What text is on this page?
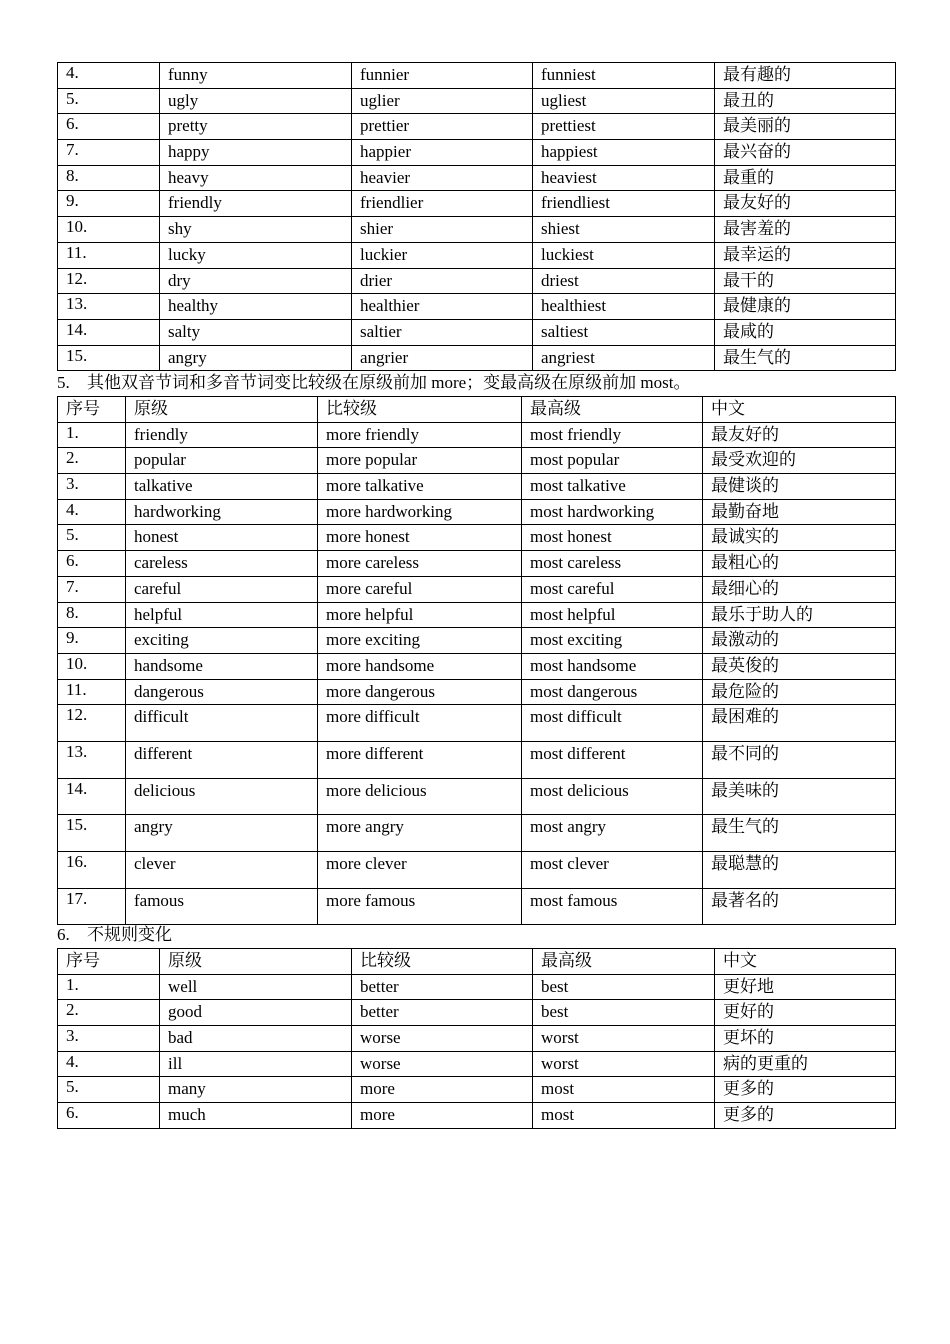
4.	funny	funnier	funniest	最有趣的
5.	ugly	uglier	ugliest	最丑的
6.	pretty	prettier	prettiest	最美丽的
7.	happy	happier	happiest	最兴奋的
8.	heavy	heavier	heaviest	最重的
9.	friendly	friendlier	friendliest	最友好的
10.	shy	shier	shiest	最害羞的
11.	lucky	luckier	luckiest	最幸运的
12.	dry	drier	driest	最干的
13.	healthy	healthier	healthiest	最健康的
14.	salty	saltier	saltiest	最咸的
15.	angry	angrier	angriest	最生气的
5. 其他双音节词和多音节词变比较级在原级前加 more；变最高级在原级前加 most。
序号	原级	比较级	最高级	中文
1.	friendly	more friendly	most friendly	最友好的
2.	popular	more popular	most popular	最受欢迎的
3.	talkative	more talkative	most talkative	最健谈的
4.	hardworking	more hardworking	most hardworking	最勤奋地
5.	honest	more honest	most honest	最诚实的
6.	careless	more careless	most careless	最粗心的
7.	careful	more careful	most careful	最细心的
8.	helpful	more helpful	most helpful	最乐于助人的
9.	exciting	more exciting	most exciting	最激动的
10.	handsome	more handsome	most handsome	最英俊的
11.	dangerous	more dangerous	most dangerous	最危险的
12.	difficult	more difficult	most difficult	最困难的
13.	different	more different	most different	最不同的
14.	delicious	more delicious	most delicious	最美味的
15.	angry	more angry	most angry	最生气的
16.	clever	more clever	most clever	最聪慧的
17.	famous	more famous	most famous	最著名的
6. 不规则变化
序号	原级	比较级	最高级	中文
1.	well	better	best	更好地
2.	good	better	best	更好的
3.	bad	worse	worst	更坏的
4.	ill	worse	worst	病的更重的
5.	many	more	most	更多的
6.	much	more	most	更多的
